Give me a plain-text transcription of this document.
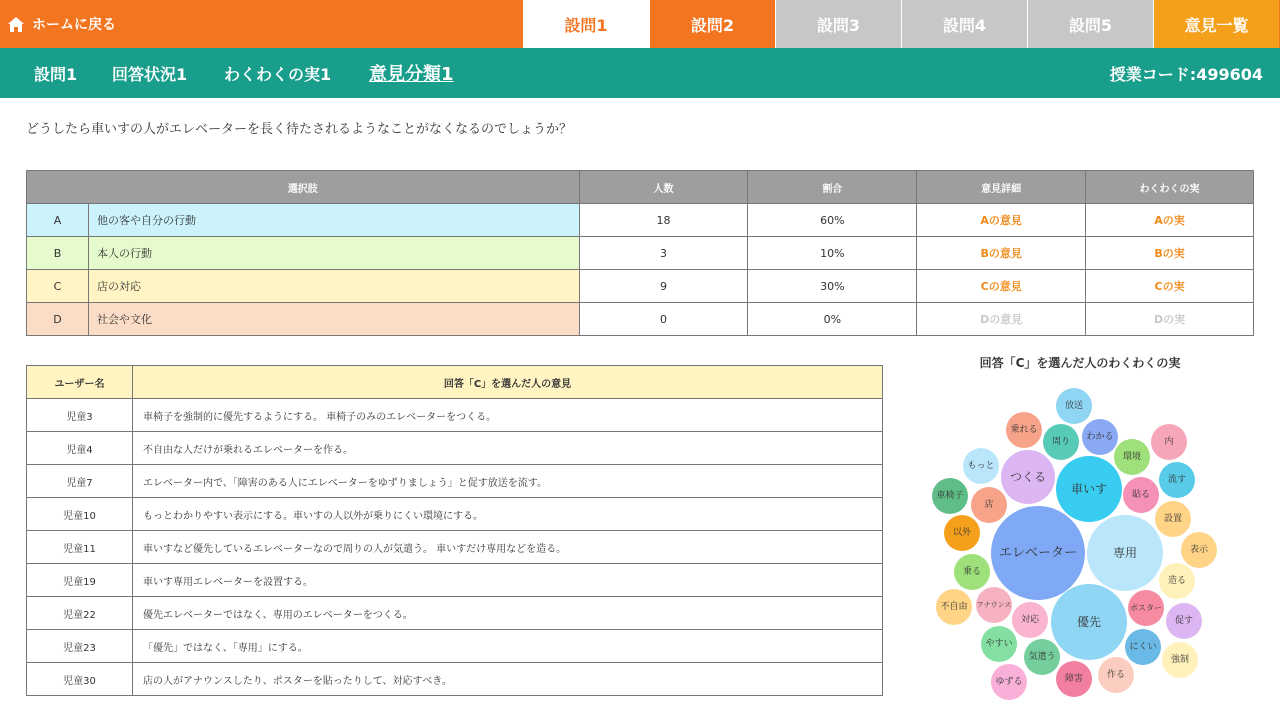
ホームに戻る	設問1	設問2	設問3	設問4	設問5	意見一覧
設問1 回答状況1 わくわくの実1 意見分類1	授業コード:499604
どうしたら車いすの人がエレベーターを長く待たされるようなことがなくなるのでしょうか？
選択肢		人数	割合	意見詳細	わくわくの実
A	他の客や自分の行動	18	60%	Aの意見	Aの実
B	本人の行動	3	10%	Bの意見	Bの実
C	店の対応	9	30%	Cの意見	Cの実
D	社会や文化	0	0%	Dの意見	Dの実
ユーザー名	回答「C」を選んだ人の意見
児童3	車椅子を強制的に優先するようにする。 車椅子のみのエレベーターをつくる。
児童4	不自由な人だけが乗れるエレベーターを作る。
児童7	エレベーター内で、「障害のある人にエレベーターをゆずりましょう」と促す放送を流す。
児童10	もっとわかりやすい表示にする。車いすの人以外が乗りにくい環境にする。
児童11	車いすなど優先しているエレベーターなので周りの人が気遣う。 車いすだけ専用などを造る。
児童19	車いす専用エレベーターを設置する。
児童22	優先エレベーターではなく、専用のエレベーターをつくる。
児童23	「優先」ではなく、「専用」にする。
児童30	店の人がアナウンスしたり、ポスターを貼ったりして、対応すべき。
回答「C」を選んだ人のわくわくの実
エレベーター	専用
優先
車いす
つくる
放送
乗れる
周り わかる	内
環境
もっと
流す
貼る
車椅子
店
設置
以外
表示
乗る
造る
不自由 アナウンス
対応
ポスター
促す
やすい	にくい
気遣う	強制
ゆずる	障害	作る
